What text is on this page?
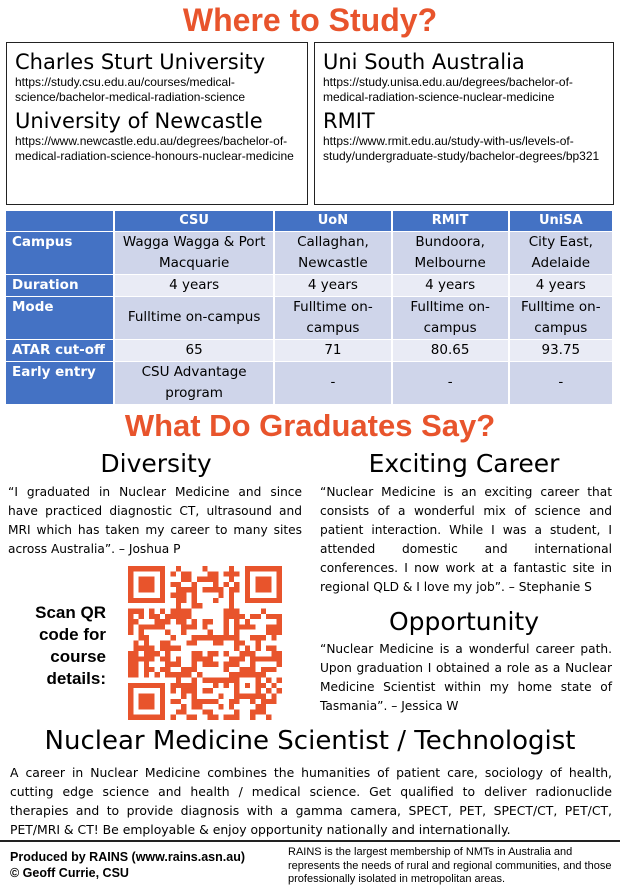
Where to Study?
Charles Sturt University
https://study.csu.edu.au/courses/medical-science/bachelor-medical-radiation-science
University of Newcastle
https://www.newcastle.edu.au/degrees/bachelor-of-medical-radiation-science-honours-nuclear-medicine
Uni South Australia
https://study.unisa.edu.au/degrees/bachelor-of-medical-radiation-science-nuclear-medicine
RMIT
https://www.rmit.edu.au/study-with-us/levels-of-study/undergraduate-study/bachelor-degrees/bp321
	CSU	UoN	RMIT	UniSA
Campus	Wagga Wagga & Port Macquarie	Callaghan, Newcastle	Bundoora, Melbourne	City East, Adelaide
Duration	4 years	4 years	4 years	4 years
Mode	Fulltime on-campus	Fulltime on-campus	Fulltime on-campus	Fulltime on-campus
ATAR cut-off	65	71	80.65	93.75
Early entry	CSU Advantage program	-	-	-
What Do Graduates Say?
Diversity
“I graduated in Nuclear Medicine and since have practiced diagnostic CT, ultrasound and MRI which has taken my career to many sites across Australia”. – Joshua P
Exciting Career
“Nuclear Medicine is an exciting career that consists of a wonderful mix of science and patient interaction. While I was a student, I attended domestic and international conferences. I now work at a fantastic site in regional QLD & I love my job”. – Stephanie S
Scan QR code for course details:
Opportunity
“Nuclear Medicine is a wonderful career path. Upon graduation I obtained a role as a Nuclear Medicine Scientist within my home state of Tasmania”. – Jessica W
Nuclear Medicine Scientist / Technologist
A career in Nuclear Medicine combines the humanities of patient care, sociology of health, cutting edge science and health / medical science. Get qualified to deliver radionuclide therapies and to provide diagnosis with a gamma camera, SPECT, PET, SPECT/CT, PET/CT, PET/MRI & CT! Be employable & enjoy opportunity nationally and internationally.
Produced by RAINS (www.rains.asn.au)
© Geoff Currie, CSU
RAINS is the largest membership of NMTs in Australia and represents the needs of rural and regional communities, and those professionally isolated in metropolitan areas.
